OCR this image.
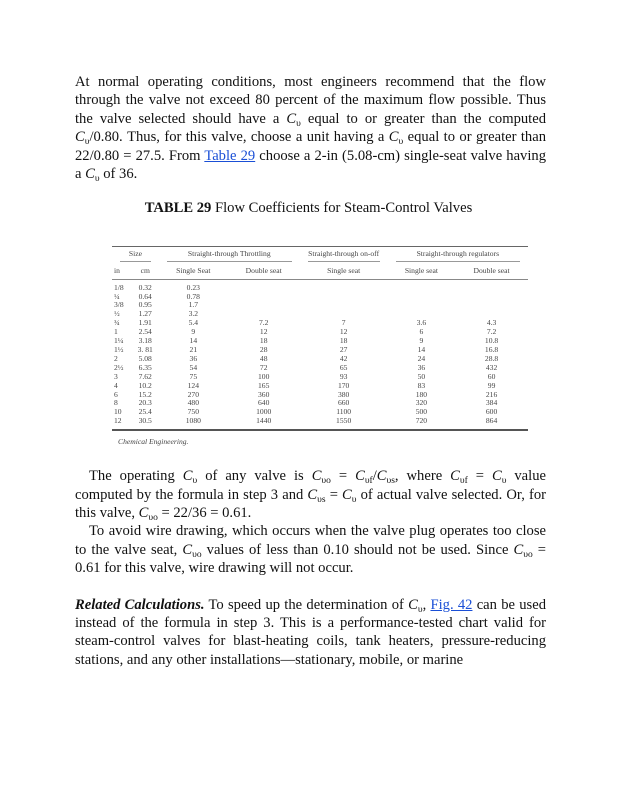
At normal operating conditions, most engineers recommend that the flow through the valve not exceed 80 percent of the maximum flow possible. Thus the valve selected should have a $C_\upsilon$ equal to or greater than the computed $C_\upsilon/0.80$. Thus, for this valve, choose a unit having a $C_\upsilon$ equal to or greater than 22/0.80 = 27.5. From Table 29 choose a 2-in (5.08-cm) single-seat valve having a $C_\upsilon$ of 36.
TABLE 29 Flow Coefficients for Steam-Control Valves
Size		Straight-through Throttling		Straight-through on-off	Straight-through regulators	

in	cm	Single Seat	Double seat	Single seat	Single seat	Double seat
1/8	0.32	0.23				
¼	0.64	0.78				
3/8	0.95	1.7				
½	1.27	3.2				
¾	1.91	5.4	7.2	7	3.6	4.3
1	2.54	9	12	12	6	7.2
1¼	3.18	14	18	18	9	10.8
1½	3. 81	21	28	27	14	16.8
2	5.08	36	48	42	24	28.8
2½	6.35	54	72	65	36	432
3	7.62	75	100	93	50	60
4	10.2	124	165	170	83	99
6	15.2	270	360	380	180	216
8	20.3	480	640	660	320	384
10	25.4	750	1000	1100	500	600
12	30.5	1080	1440	1550	720	864
Chemical Engineering.
The operating $C_\upsilon$ of any valve is $C_{\upsilon o} = C_{\upsilon f}/C_{\upsilon s}$, where $C_{\upsilon f} = C_\upsilon$ value computed by the formula in step 3 and $C_{\upsilon s} = C_\upsilon$ of actual valve selected. Or, for this valve, $C_{\upsilon o} = 22/36 = 0.61$.
To avoid wire drawing, which occurs when the valve plug operates too close to the valve seat, $C_{\upsilon o}$ values of less than 0.10 should not be used. Since $C_{\upsilon o} = 0.61$ for this valve, wire drawing will not occur.
Related Calculations. To speed up the determination of $C_\upsilon$, Fig. 42 can be used instead of the formula in step 3. This is a performance-tested chart valid for steam-control valves for blast-heating coils, tank heaters, pressure-reducing stations, and any other installations—stationary, mobile, or marine
